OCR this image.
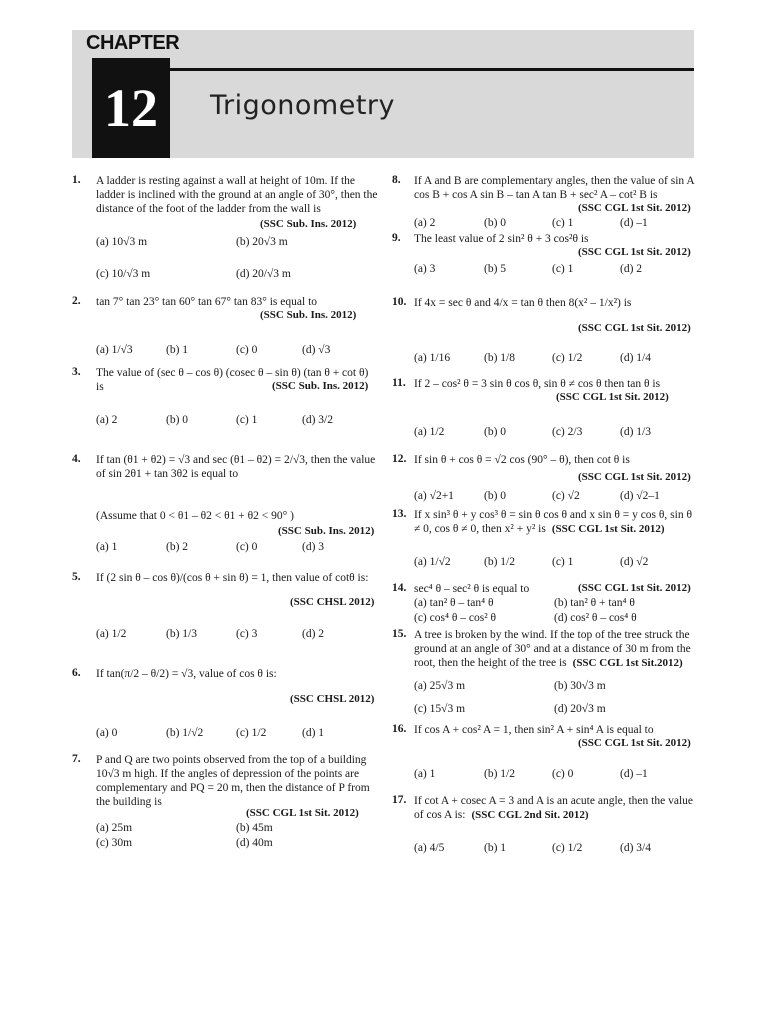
CHAPTER
12	Trigonometry
1. A ladder is resting against a wall at height of 10m. If the ladder is inclined with the ground at an angle of 30°, then the distance of the foot of the ladder from the wall is
(SSC Sub. Ins. 2012)
(a) 10√3 m	(b) 20√3 m
(c) 10/√3 m	(d) 20/√3 m
2. tan 7° tan 23° tan 60° tan 67° tan 83° is equal to
(SSC Sub. Ins. 2012)
(a) 1/√3	(b) 1	(c) 0	(d) √3
3. The value of (sec θ – cos θ) (cosec θ – sin θ) (tan θ + cot θ) is	(SSC Sub. Ins. 2012)
(a) 2	(b) 0	(c) 1	(d) 3/2
4. If tan (θ1 + θ2) = √3 and sec (θ1 – θ2) = 2/√3, then the value of sin 2θ1 + tan 3θ2 is equal to
(Assume that 0 < θ1 – θ2 < θ1 + θ2 < 90° )
(SSC Sub. Ins. 2012)
(a) 1	(b) 2	(c) 0	(d) 3
5. If (2 sin θ – cos θ)/(cos θ + sin θ) = 1, then value of cotθ is:
(SSC CHSL 2012)
(a) 1/2	(b) 1/3	(c) 3	(d) 2
6. If tan(π/2 – θ/2) = √3, value of cos θ is:
(SSC CHSL 2012)
(a) 0	(b) 1/√2	(c) 1/2	(d) 1
7. P and Q are two points observed from the top of a building 10√3 m high. If the angles of depression of the points are complementary and PQ = 20 m, then the distance of P from the building is
(SSC CGL 1st Sit. 2012)
(a) 25m	(b) 45m
(c) 30m	(d) 40m
8. If A and B are complementary angles, then the value of sin A cos B + cos A sin B – tan A tan B + sec² A – cot² B is
(SSC CGL 1st Sit. 2012)
(a) 2	(b) 0	(c) 1	(d) –1
9. The least value of 2 sin² θ + 3 cos²θ is
(SSC CGL 1st Sit. 2012)
(a) 3	(b) 5	(c) 1	(d) 2
10. If 4x = sec θ and 4/x = tan θ then 8(x² – 1/x²) is
(SSC CGL 1st Sit. 2012)
(a) 1/16	(b) 1/8	(c) 1/2	(d) 1/4
11. If 2 – cos² θ = 3 sin θ cos θ, sin θ ≠ cos θ then tan θ is
(SSC CGL 1st Sit. 2012)
(a) 1/2	(b) 0	(c) 2/3	(d) 1/3
12. If sin θ + cos θ = √2 cos (90° – θ), then cot θ is
(SSC CGL 1st Sit. 2012)
(a) √2+1	(b) 0	(c) √2	(d) √2–1
13. If x sin³ θ + y cos³ θ = sin θ cos θ and x sin θ = y cos θ, sin θ ≠ 0, cos θ ≠ 0, then x² + y² is (SSC CGL 1st Sit. 2012)
(a) 1/√2	(b) 1/2	(c) 1	(d) √2
14. sec⁴ θ – sec² θ is equal to	(SSC CGL 1st Sit. 2012)
(a) tan² θ – tan⁴ θ	(b) tan² θ + tan⁴ θ
(c) cos⁴ θ – cos² θ	(d) cos² θ – cos⁴ θ
15. A tree is broken by the wind. If the top of the tree struck the ground at an angle of 30° and at a distance of 30 m from the root, then the height of the tree is (SSC CGL 1st Sit.2012)
(a) 25√3 m	(b) 30√3 m
(c) 15√3 m	(d) 20√3 m
16. If cos A + cos² A = 1, then sin² A + sin⁴ A is equal to
(SSC CGL 1st Sit. 2012)
(a) 1	(b) 1/2	(c) 0	(d) –1
17. If cot A + cosec A = 3 and A is an acute angle, then the value of cos A is: (SSC CGL 2nd Sit. 2012)
(a) 4/5	(b) 1	(c) 1/2	(d) 3/4
